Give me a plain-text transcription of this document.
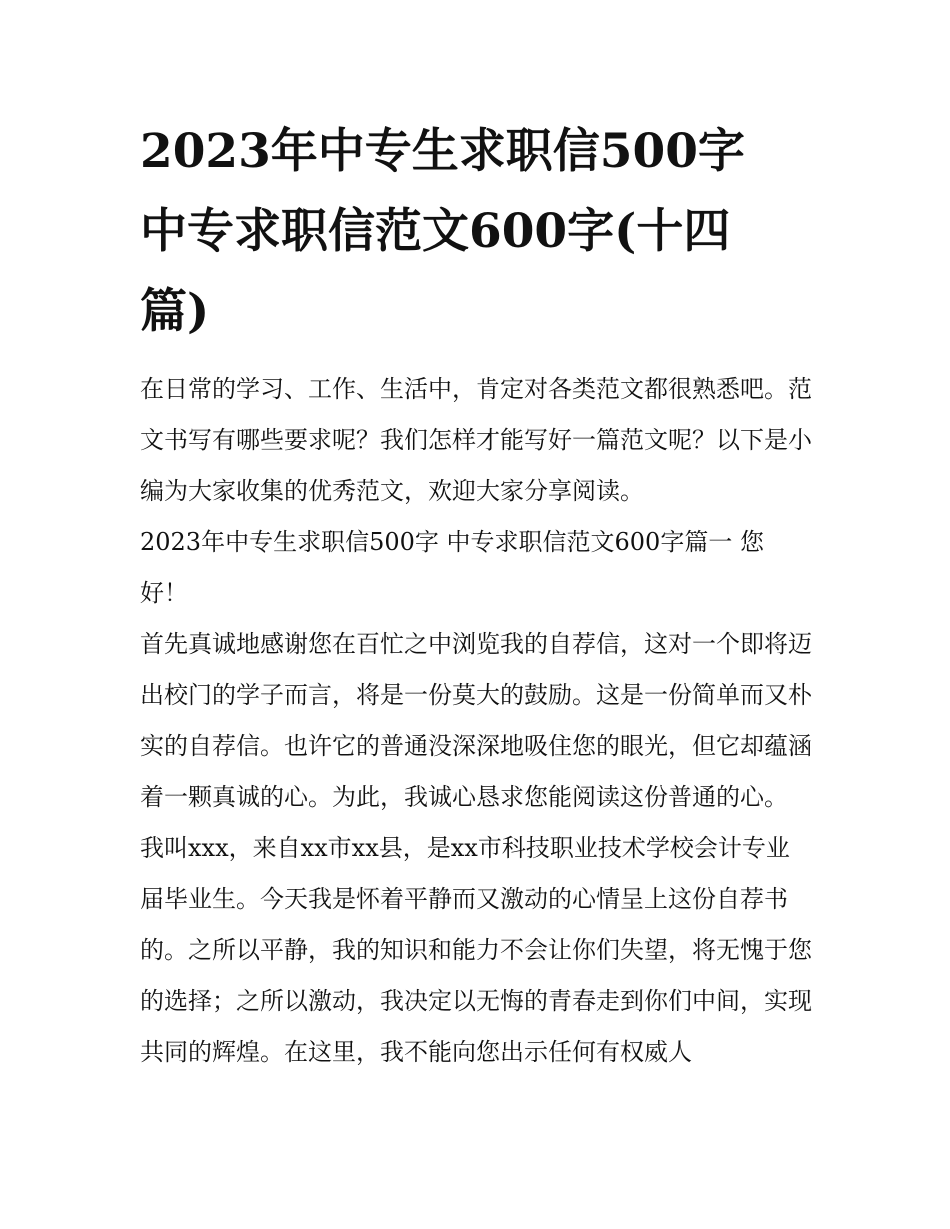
2023年中专生求职信500字 中专求职信范文600字(十四篇)

在日常的学习、工作、生活中，肯定对各类范文都很熟悉吧。范文书写有哪些要求呢？我们怎样才能写好一篇范文呢？以下是小编为大家收集的优秀范文，欢迎大家分享阅读。

2023年中专生求职信500字 中专求职信范文600字篇一 您好！

首先真诚地感谢您在百忙之中浏览我的自荐信，这对一个即将迈出校门的学子而言，将是一份莫大的鼓励。这是一份简单而又朴实的自荐信。也许它的普通没深深地吸住您的眼光，但它却蕴涵着一颗真诚的心。为此，我诚心恳求您能阅读这份普通的心。

我叫xxx，来自xx市xx县，是xx市科技职业技术学校会计专业届毕业生。今天我是怀着平静而又激动的心情呈上这份自荐书的。之所以平静，我的知识和能力不会让你们失望，将无愧于您的选择；之所以激动，我决定以无悔的青春走到你们中间，实现共同的辉煌。在这里，我不能向您出示任何有权威人
